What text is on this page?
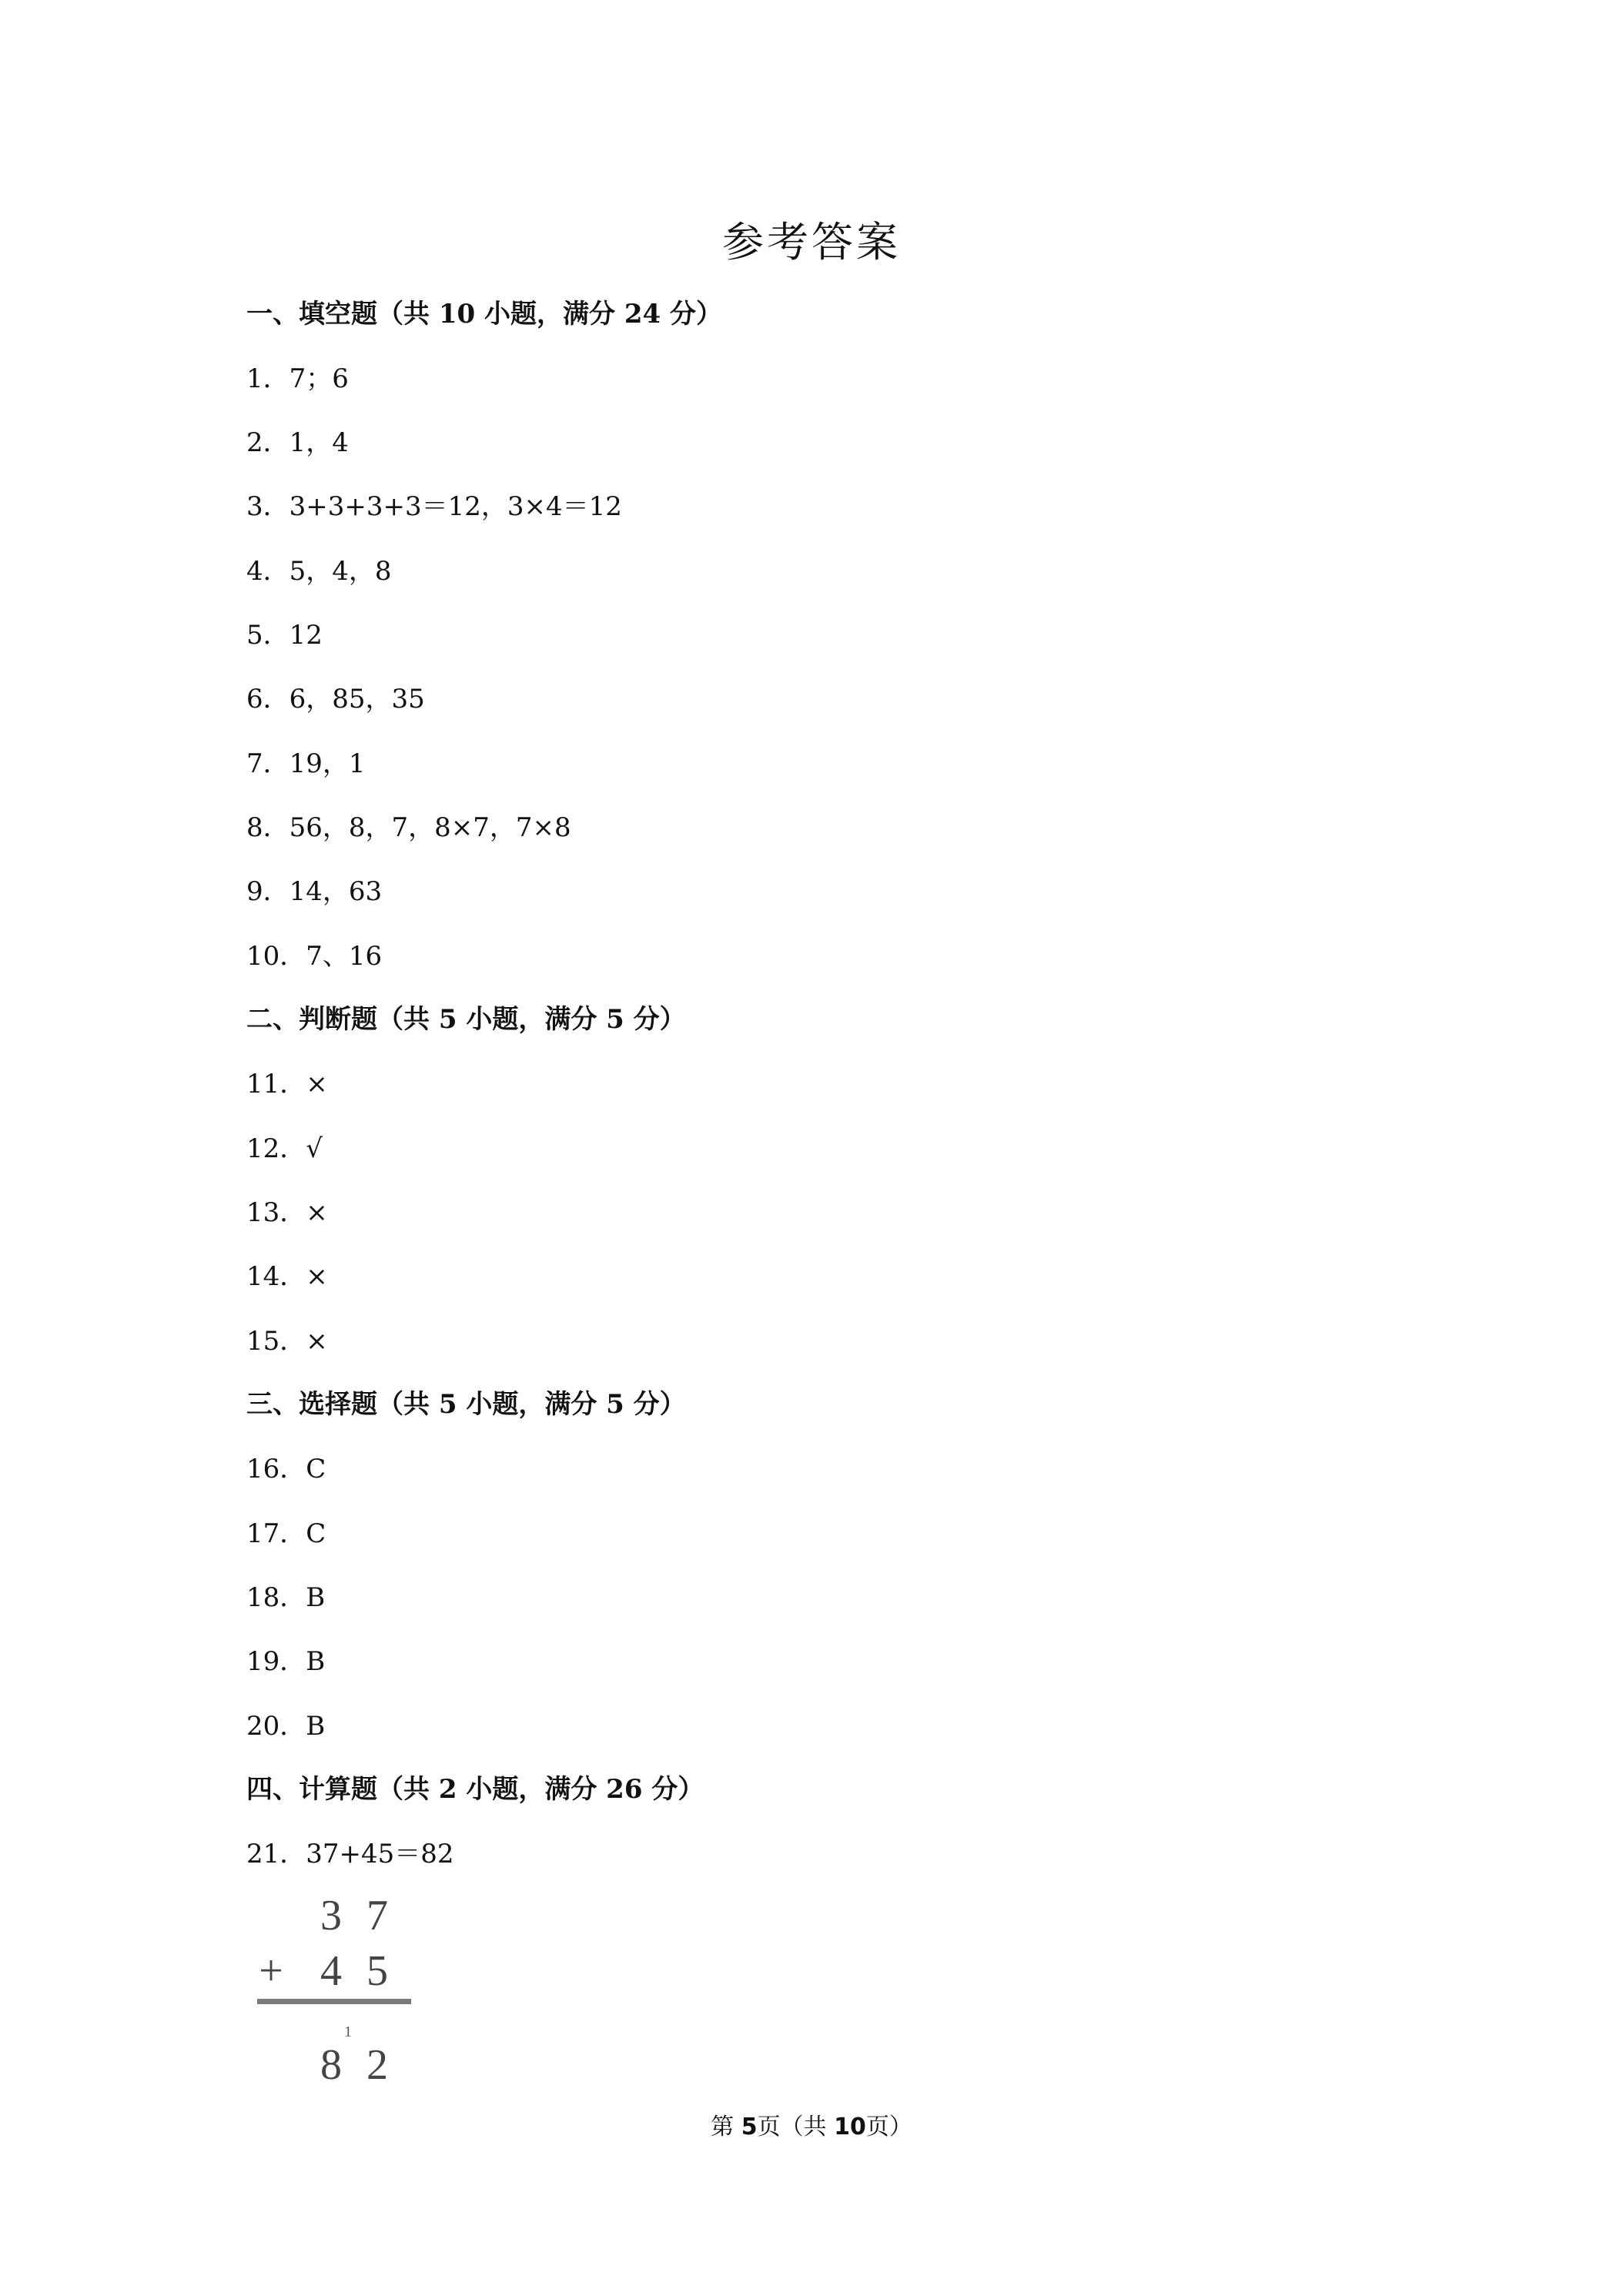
参考答案
一、填空题（共 10 小题，满分 24 分）
1．7；6
2．1，4
3．3+3+3+3＝12，3×4＝12
4．5，4，8
5．12
6．6，85，35
7．19，1
8．56，8，7，8×7，7×8
9．14，63
10．7、16
二、判断题（共 5 小题，满分 5 分）
11．×
12．√
13．×
14．×
15．×
三、选择题（共 5 小题，满分 5 分）
16．C
17．C
18．B
19．B
20．B
四、计算题（共 2 小题，满分 26 分）
21．37+45＝82
3 7
+ 4 5
1
8 2
第 5页（共 10页）
